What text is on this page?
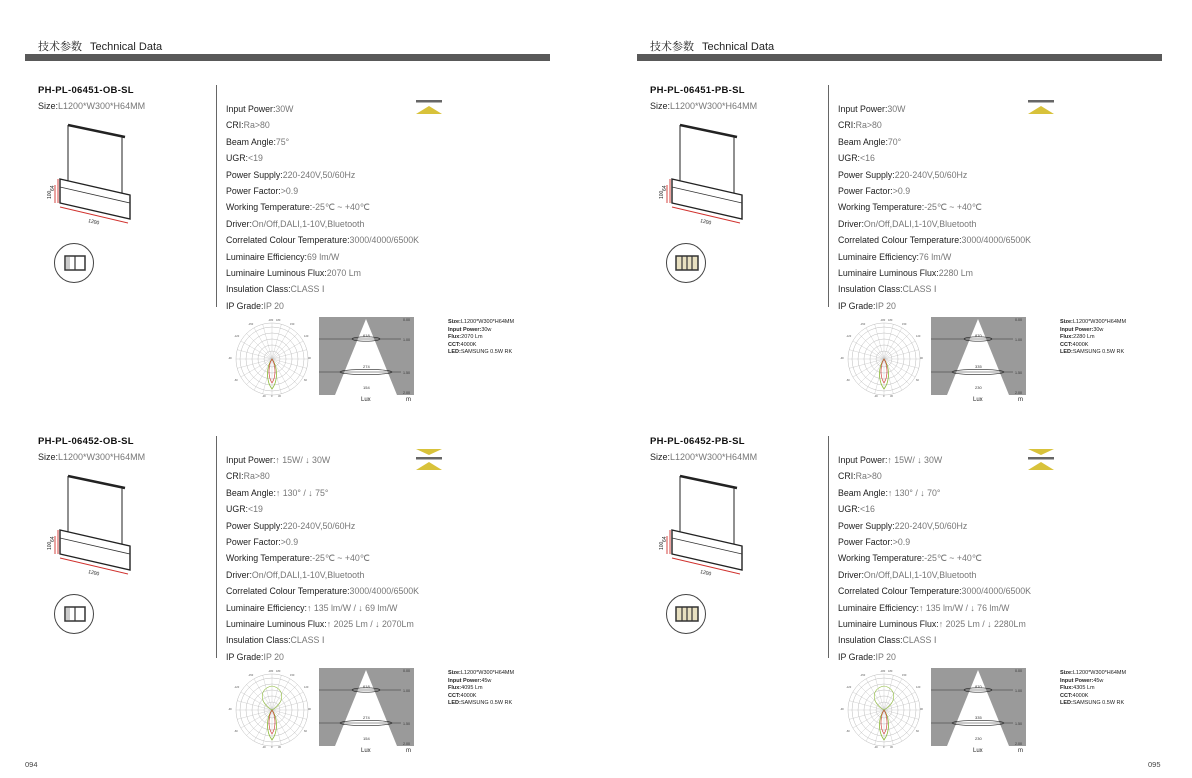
技术参数 Technical Data
PH-PL-06451-OB-SL
Size:L1200*W300*H64MM
100
64
1200
Input Power:30W
CRI:Ra>80
Beam Angle:75°
UGR:<19
Power Supply:220-240V,50/60Hz
Power Factor:>0.9
Working Temperature:-25℃ ~ +40℃
Driver:On/Off,DALI,1-10V,Bluetooth
Correlated Colour Temperature:3000/4000/6500K
Luminaire Efficiency:69 lm/W
Luminaire Luminous Flux:2070 Lm
Insulation Class:CLASS Ⅰ
IP Grade:IP 20
-180 180
-150	150
-120	120
-90	90
-60	60
-30 0 30
618
274
154
0.00
1.00
1.50
2.00
Lux	m
Size:L1200*W300*H64MM
Input Power:30w
Flux:2070 Lm
CCT:4000K
LED:SAMSUNG 0.5W RK
PH-PL-06452-OB-SL
Size:L1200*W300*H64MM
100
64
1200
Input Power:↑ 15W/ ↓ 30W
CRI:Ra>80
Beam Angle:↑ 130° / ↓ 75°
UGR:<19
Power Supply:220-240V,50/60Hz
Power Factor:>0.9
Working Temperature:-25℃ ~ +40℃
Driver:On/Off,DALI,1-10V,Bluetooth
Correlated Colour Temperature:3000/4000/6500K
Luminaire Efficiency:↑ 135 lm/W / ↓ 69 lm/W
Luminaire Luminous Flux:↑ 2025 Lm / ↓ 2070Lm
Insulation Class:CLASS Ⅰ
IP Grade:IP 20
-180 180
-150	150
-120	120
-90	90
-60	60
-30 0 30
618
274
154
0.00
1.00
1.50
2.00
Lux	m
Size:L1200*W300*H64MM
Input Power:45w
Flux:4095 Lm
CCT:4000K
LED:SAMSUNG 0.5W RK
094
技术参数 Technical Data
PH-PL-06451-PB-SL
Size:L1200*W300*H64MM
100
64
1200
Input Power:30W
CRI:Ra>80
Beam Angle:70°
UGR:<16
Power Supply:220-240V,50/60Hz
Power Factor:>0.9
Working Temperature:-25℃ ~ +40℃
Driver:On/Off,DALI,1-10V,Bluetooth
Correlated Colour Temperature:3000/4000/6500K
Luminaire Efficiency:76 lm/W
Luminaire Luminous Flux:2280 Lm
Insulation Class:CLASS Ⅰ
IP Grade:IP 20
-180 180
-150	150
-120	120
-90	90
-60	60
-30 0 30
870
335
230
0.00
1.00
1.50
2.00
Lux	m
Size:L1200*W300*H64MM
Input Power:30w
Flux:2280 Lm
CCT:4000K
LED:SAMSUNG 0.5W RK
PH-PL-06452-PB-SL
Size:L1200*W300*H64MM
100
64
1200
Input Power:↑ 15W/ ↓ 30W
CRI:Ra>80
Beam Angle:↑ 130° / ↓ 70°
UGR:<16
Power Supply:220-240V,50/60Hz
Power Factor:>0.9
Working Temperature:-25℃ ~ +40℃
Driver:On/Off,DALI,1-10V,Bluetooth
Correlated Colour Temperature:3000/4000/6500K
Luminaire Efficiency:↑ 135 lm/W / ↓ 76 lm/W
Luminaire Luminous Flux:↑ 2025 Lm / ↓ 2280Lm
Insulation Class:CLASS Ⅰ
IP Grade:IP 20
-180 180
-150	150
-120	120
-90	90
-60	60
-30 0 30
870
335
230
0.00
1.00
1.50
2.00
Lux	m
Size:L1200*W300*H64MM
Input Power:45w
Flux:4305 Lm
CCT:4000K
LED:SAMSUNG 0.5W RK
095
